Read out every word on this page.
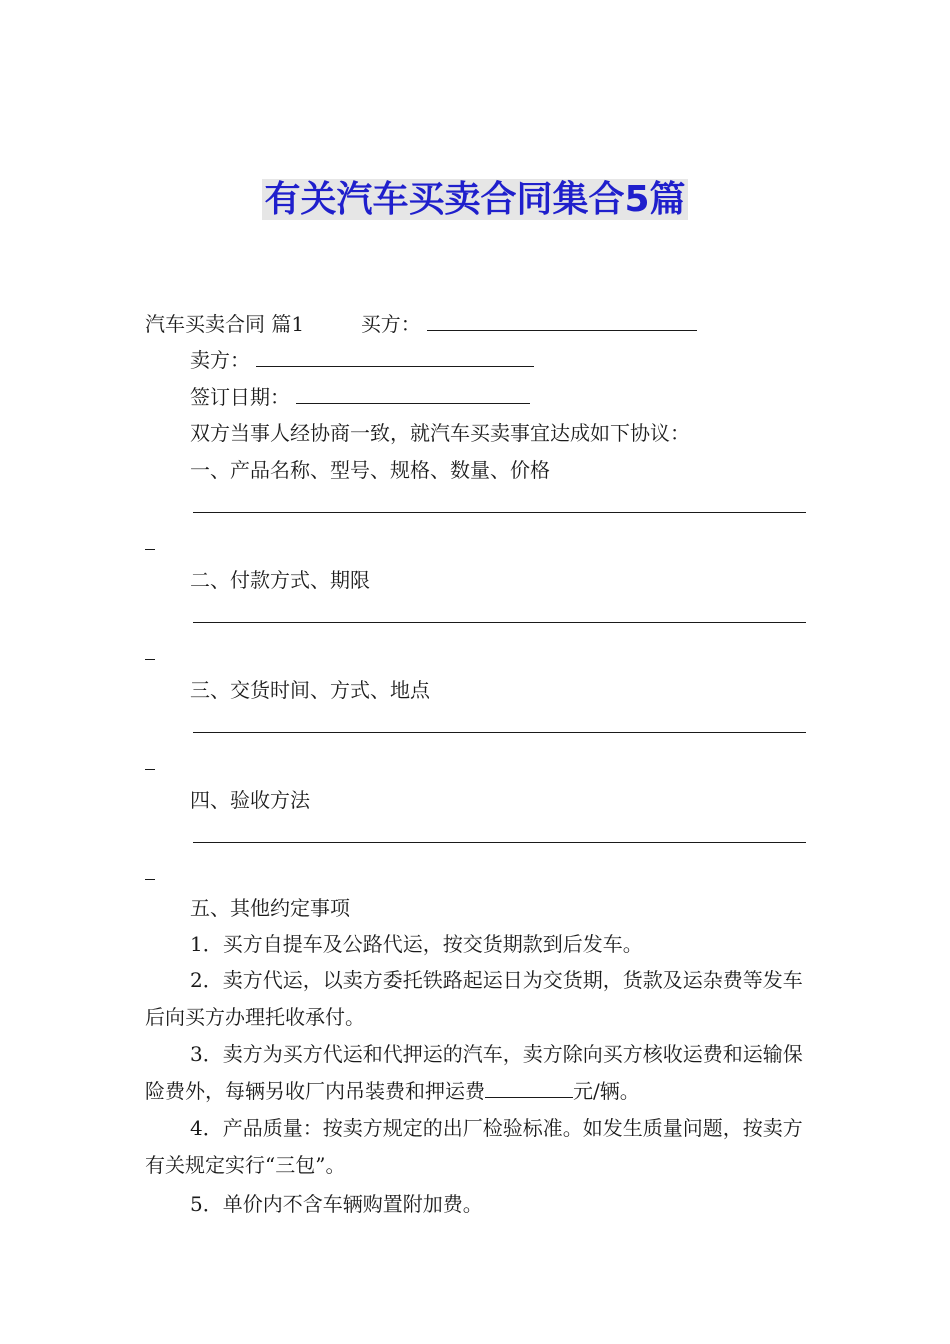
有关汽车买卖合同集合5篇
汽车买卖合同 篇1	买方：
卖方：
签订日期：
双方当事人经协商一致，就汽车买卖事宜达成如下协议：
一、产品名称、型号、规格、数量、价格
二、付款方式、期限
三、交货时间、方式、地点
四、验收方法
五、其他约定事项
1．买方自提车及公路代运，按交货期款到后发车。
2．卖方代运，以卖方委托铁路起运日为交货期，货款及运杂费等发车后向买方办理托收承付。
3．卖方为买方代运和代押运的汽车，卖方除向买方核收运费和运输保险费外，每辆另收厂内吊装费和押运费	元/辆。
4．产品质量：按卖方规定的出厂检验标准。如发生质量问题，按卖方有关规定实行“三包”。
5．单价内不含车辆购置附加费。
